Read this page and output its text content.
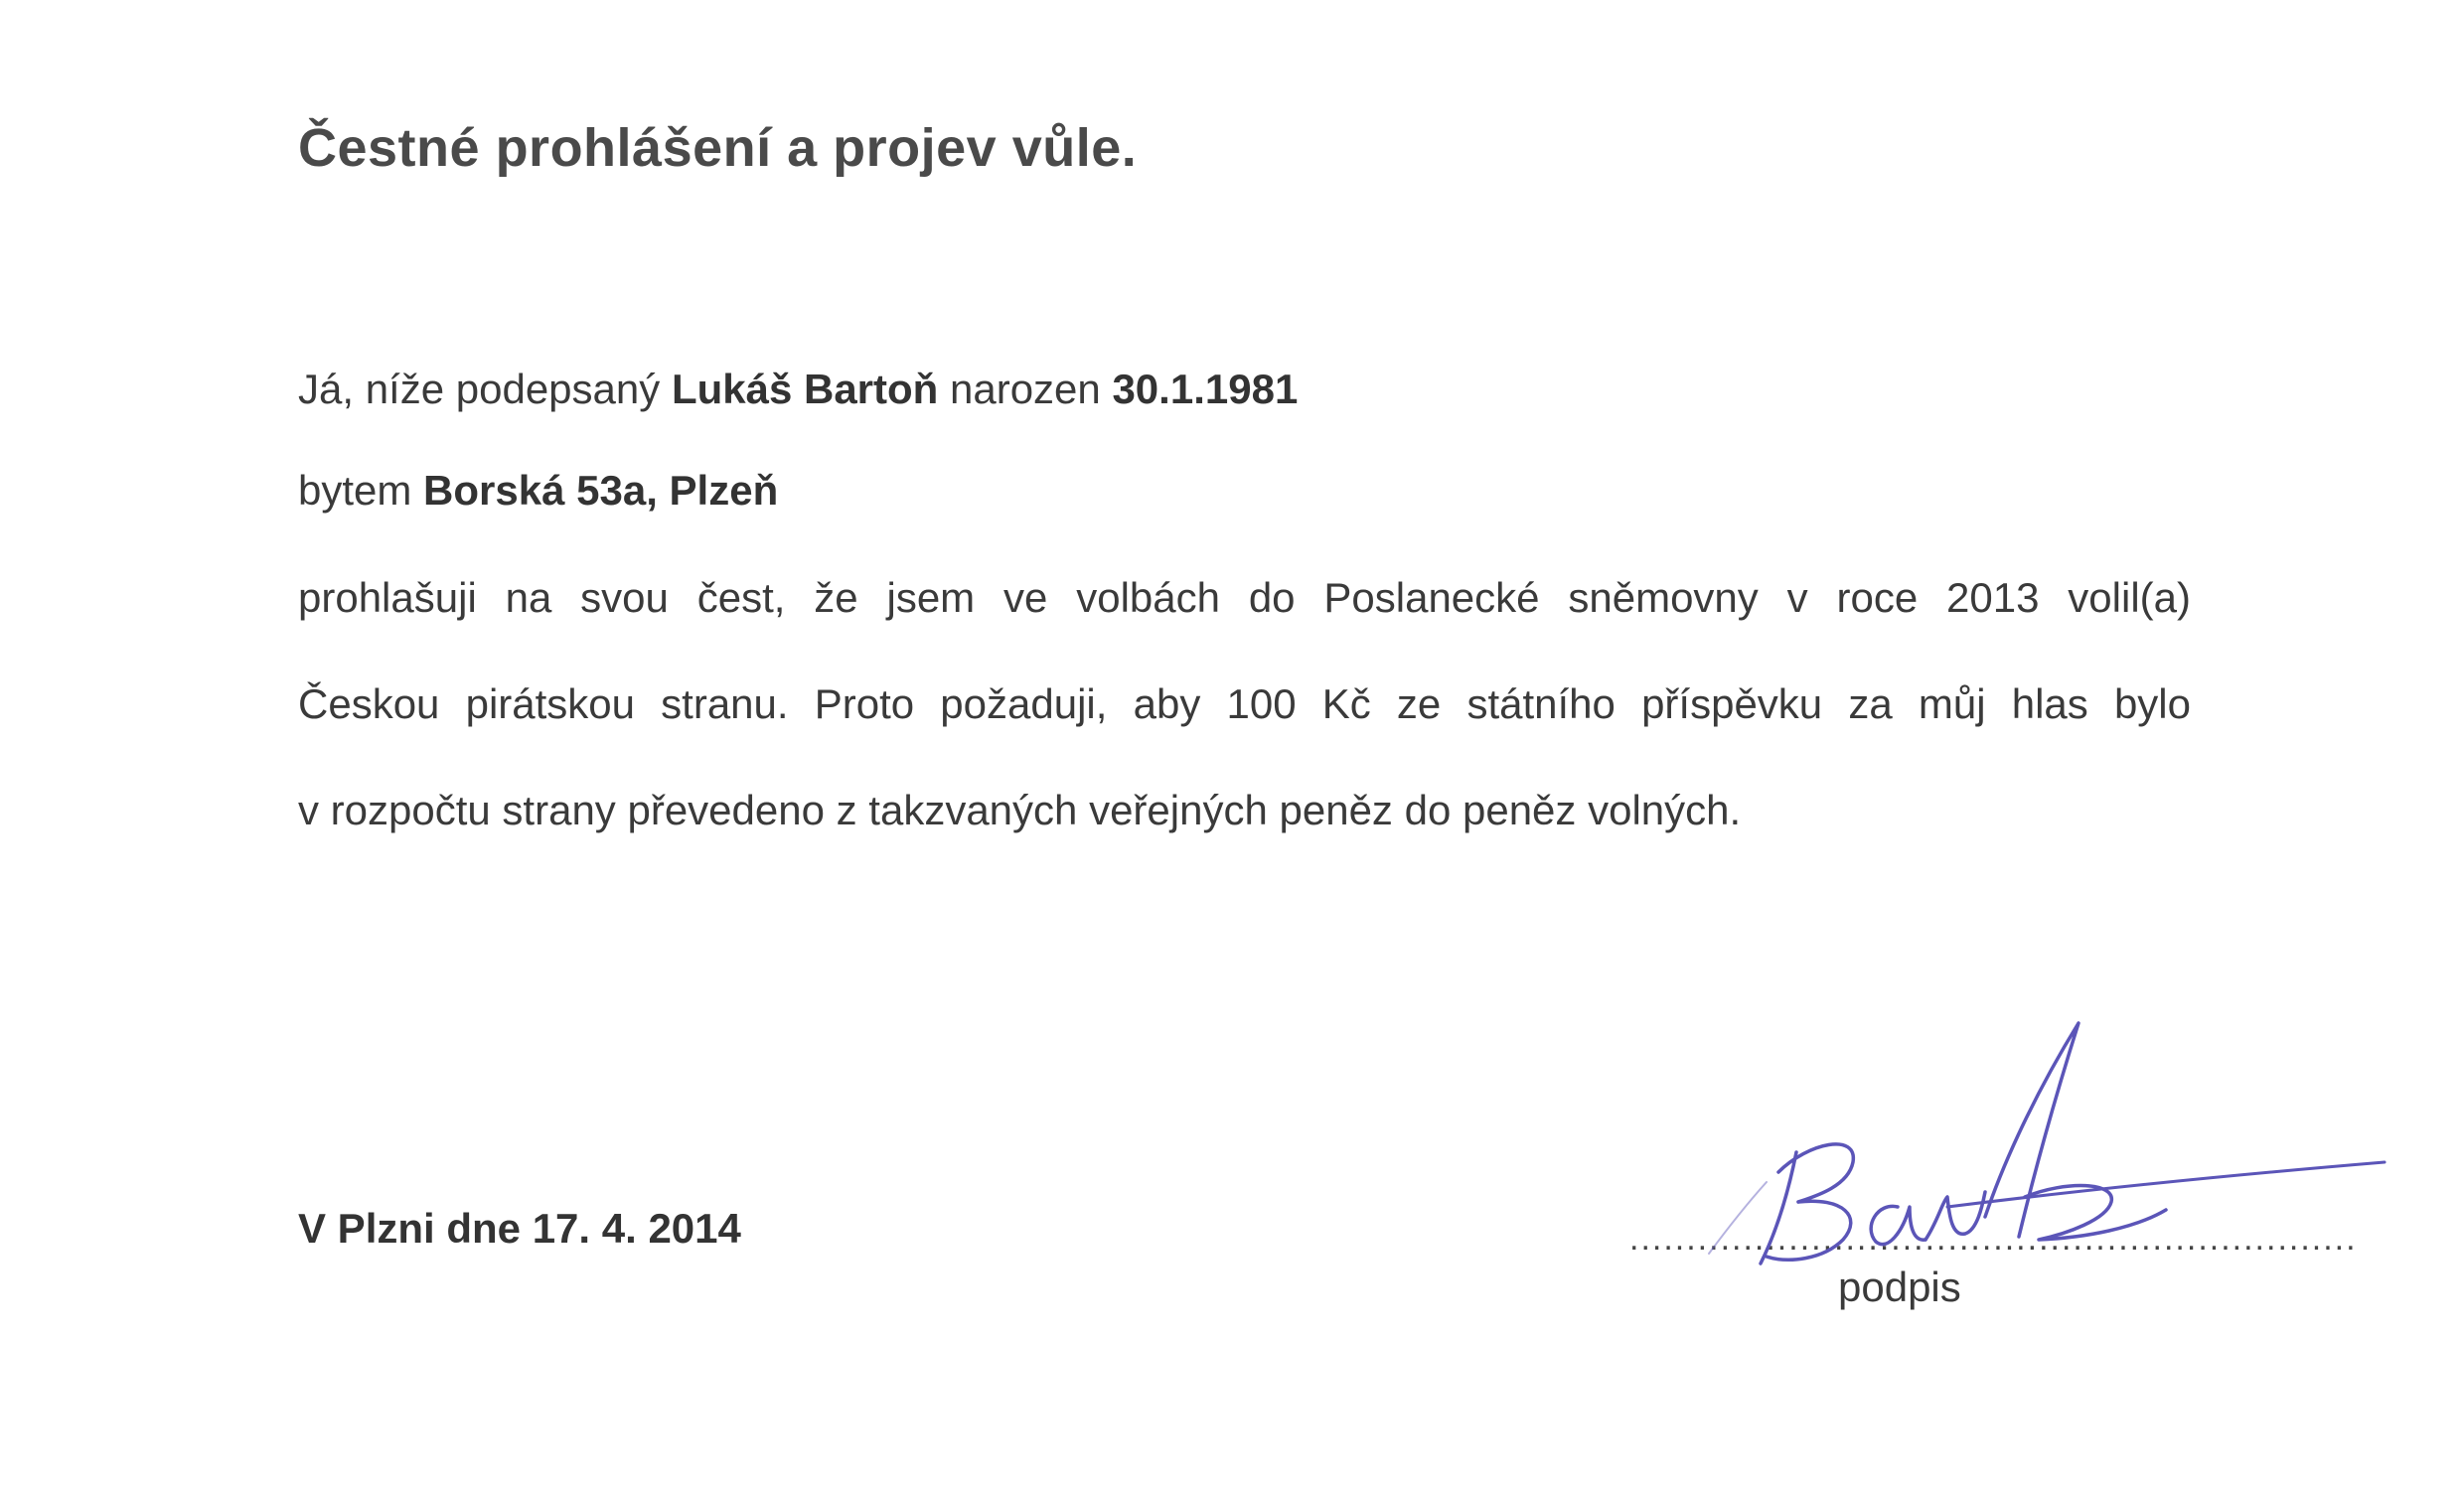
Čestné prohlášení a projev vůle.
Já, níže podepsaný Lukáš Bartoň narozen 30.1.1981
bytem Borská 53a, Plzeň
prohlašuji na svou čest, že jsem ve volbách do Poslanecké sněmovny v roce 2013 volil(a)
Českou pirátskou stranu. Proto požaduji, aby 100 Kč ze státního příspěvku za můj hlas bylo
v rozpočtu strany převedeno z takzvaných veřejných peněz do peněz volných.
V Plzni dne 17. 4. 2014	................................................................
podpis
